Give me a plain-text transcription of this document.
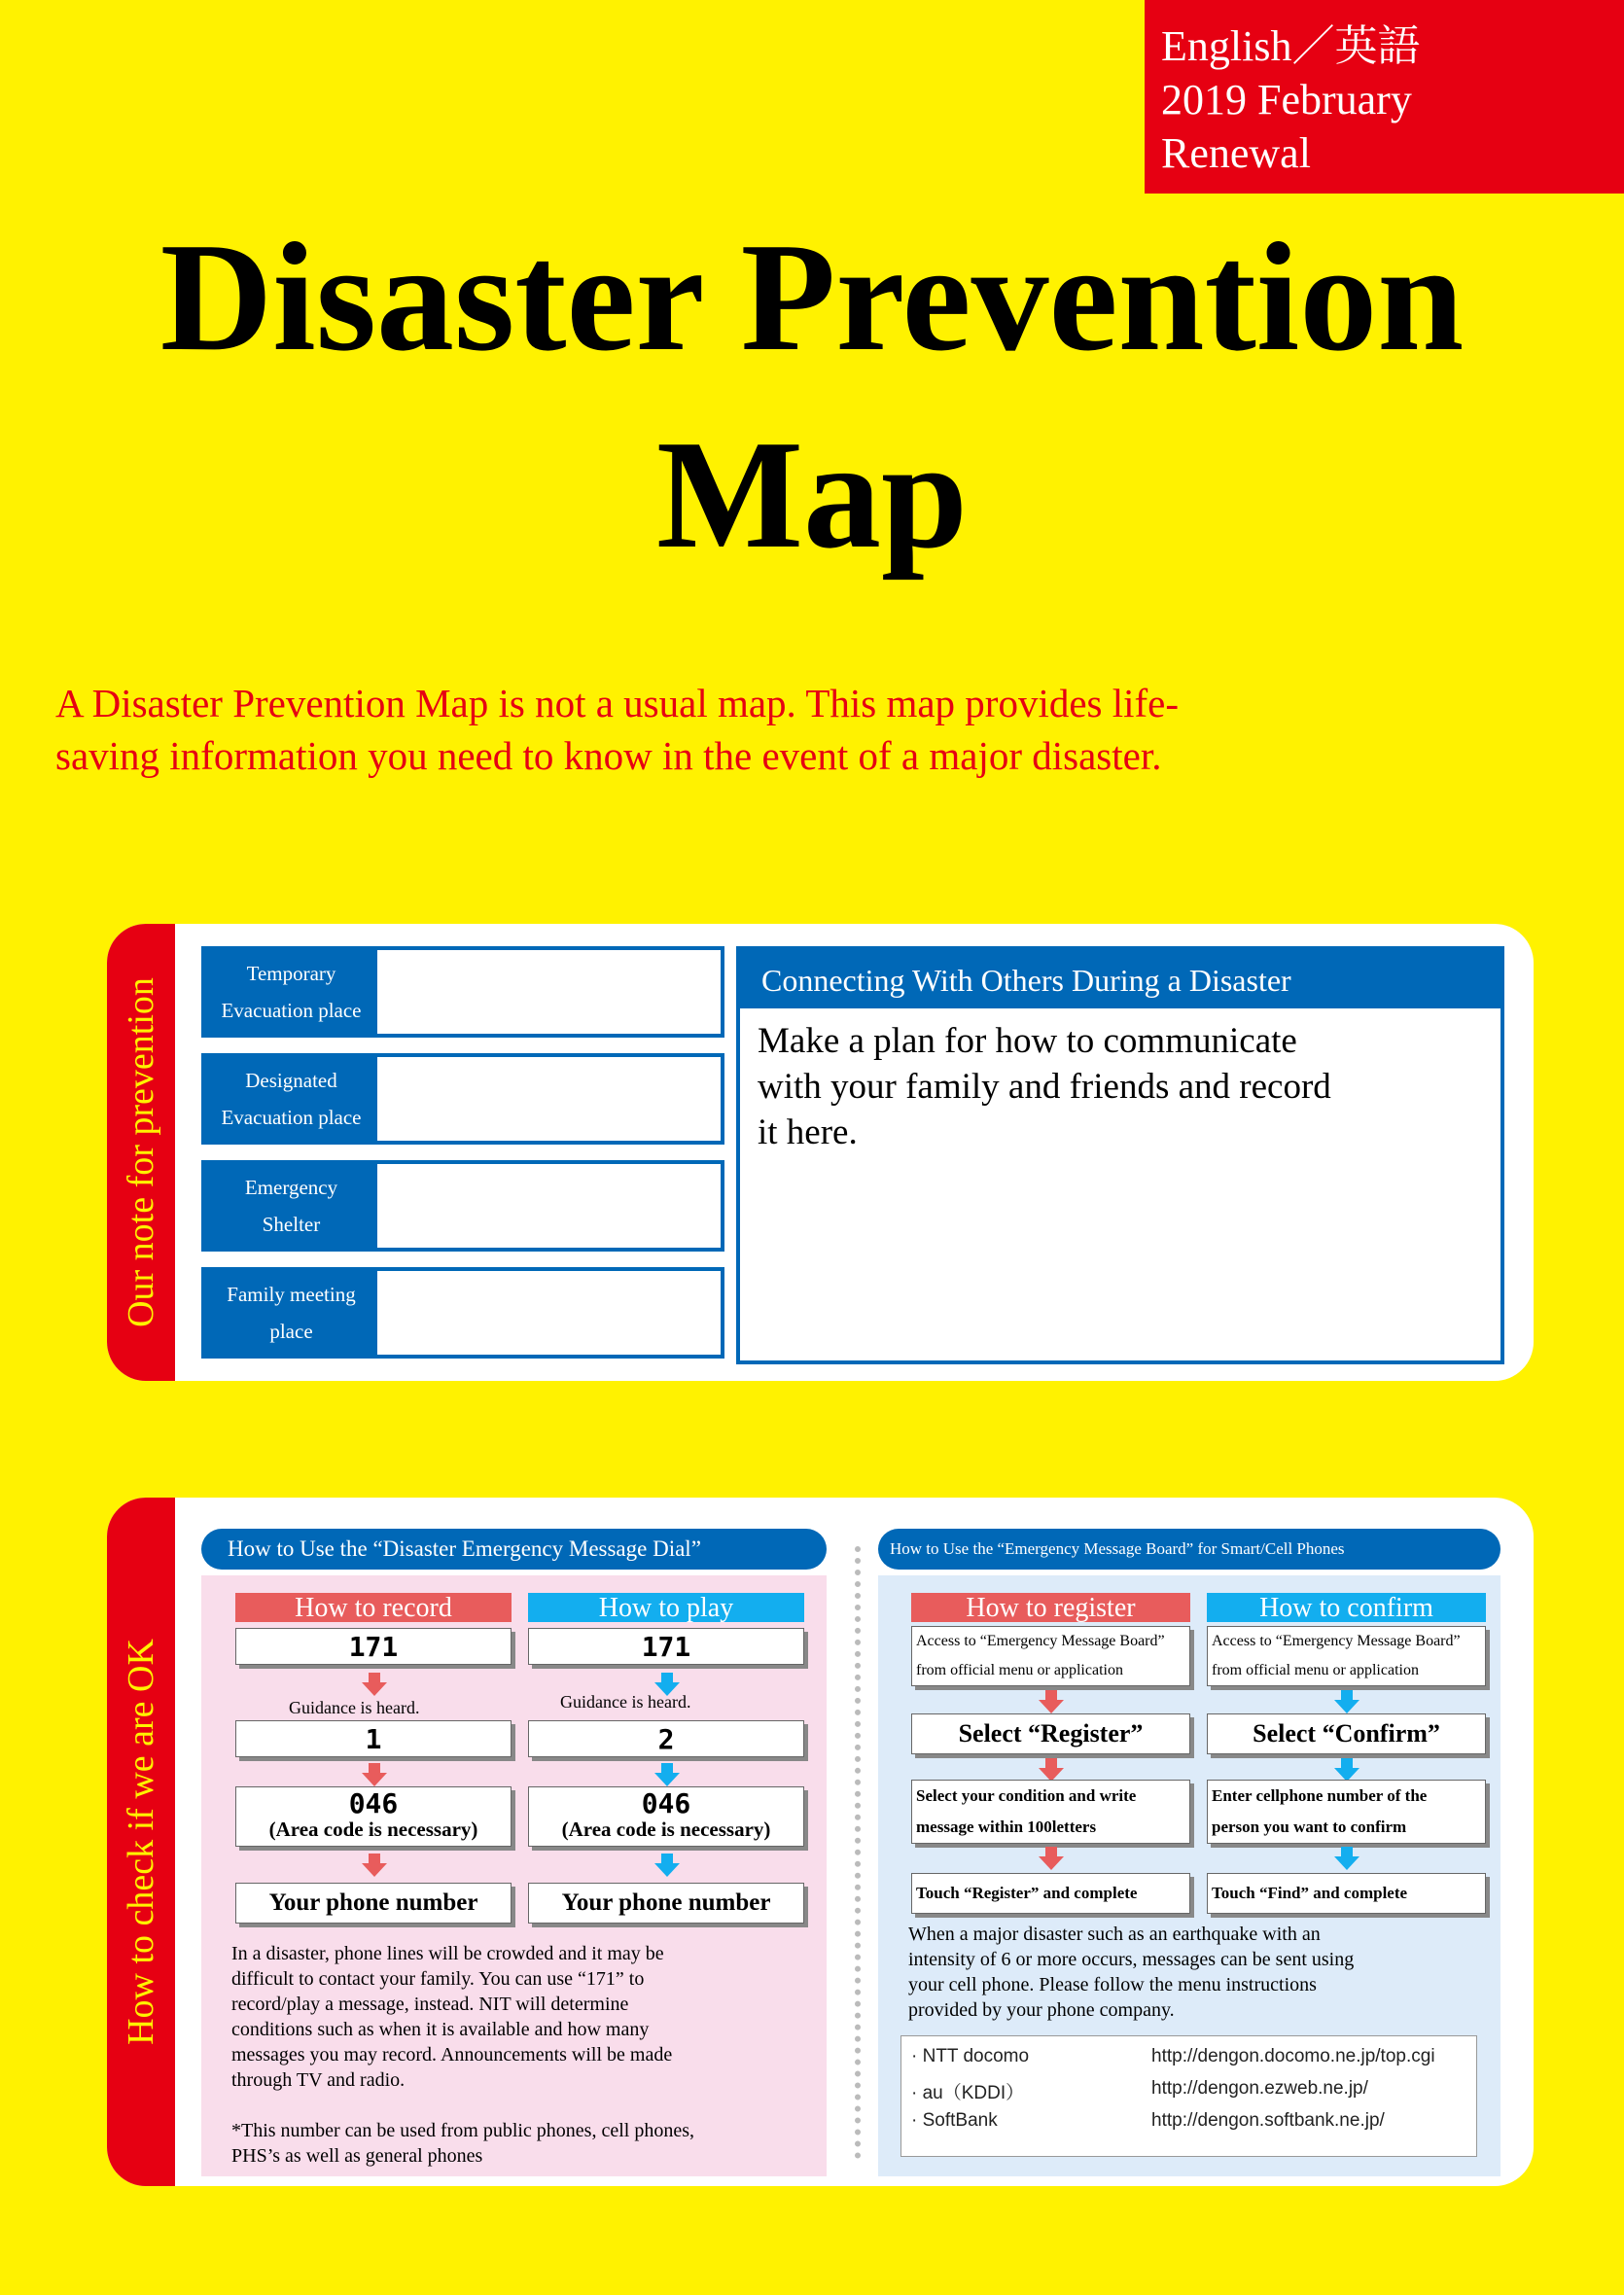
English／英語
2019 February
Renewal
Disaster Prevention
Map
A Disaster Prevention Map is not a usual map. This map provides life-
saving information you need to know in the event of a major disaster.
Our note for prevention
Temporary
Evacuation place
Designated
Evacuation place
Emergency
Shelter
Family meeting
place
Connecting With Others During a Disaster
Make a plan for how to communicate
with your family and friends and record
it here.
How to check if we are OK
How to Use the “Disaster Emergency Message Dial”	How to Use the “Emergency Message Board” for Smart/Cell Phones
How to record
171
Guidance is heard.
1
046
(Area code is necessary)
Your phone number
How to play
171
Guidance is heard.
2
046
(Area code is necessary)
Your phone number
In a disaster, phone lines will be crowded and it may be
difficult to contact your family. You can use “171” to
record/play a message, instead. NIT will determine
conditions such as when it is available and how many
messages you may record. Announcements will be made
through TV and radio.
*This number can be used from public phones, cell phones,
PHS’s as well as general phones
How to register
Access to “Emergency Message Board”
from official menu or application
Select “Register”
Select your condition and write
message within 100letters
Touch “Register” and complete
How to confirm
Access to “Emergency Message Board”
from official menu or application
Select “Confirm”
Enter cellphone number of the
person you want to confirm
Touch “Find” and complete
When a major disaster such as an earthquake with an
intensity of 6 or more occurs, messages can be sent using
your cell phone. Please follow the menu instructions
provided by your phone company.
· NTT docomo	http://dengon.docomo.ne.jp/top.cgi
· au（KDDI）	http://dengon.ezweb.ne.jp/
· SoftBank	http://dengon.softbank.ne.jp/
